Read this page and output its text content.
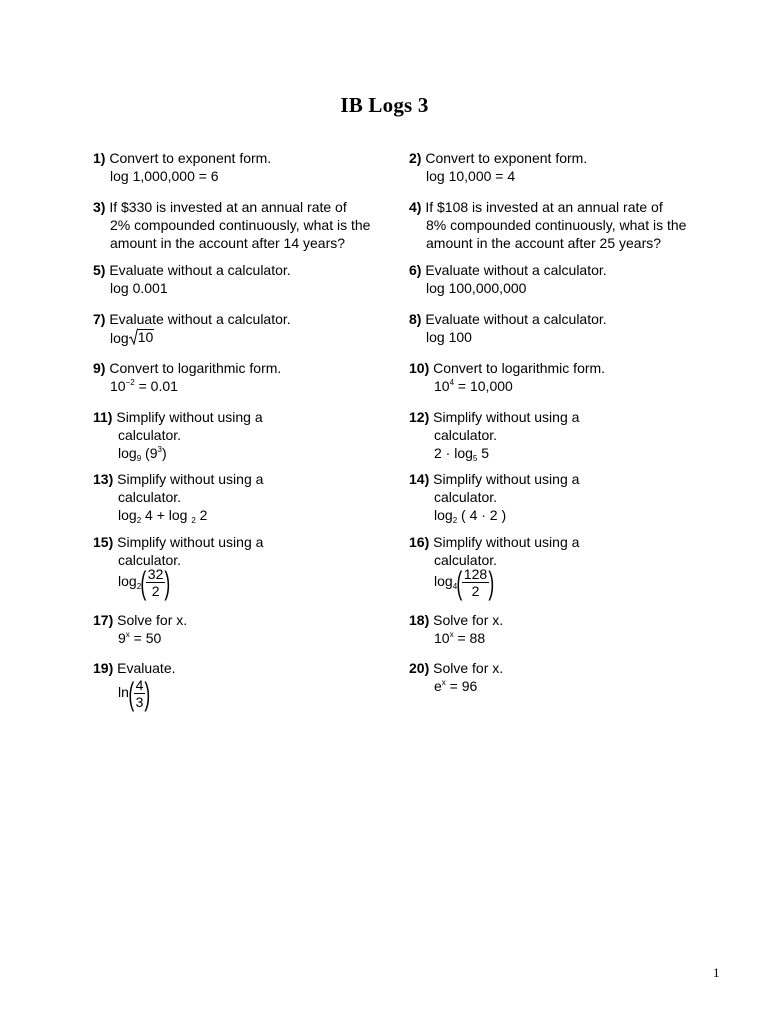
IB Logs 3
1) Convert to exponent form.
log 1,000,000 = 6
2) Convert to exponent form.
log 10,000 = 4
3) If $330 is invested at an annual rate of
2% compounded continuously, what is the
amount in the account after 14 years?
4) If $108 is invested at an annual rate of
8% compounded continuously, what is the
amount in the account after 25 years?
5) Evaluate without a calculator.
log 0.001
6) Evaluate without a calculator.
log 100,000,000
7) Evaluate without a calculator.
log 10
8) Evaluate without a calculator.
log 100
9) Convert to logarithmic form.
$10^{-2} = 0.01$
10) Convert to logarithmic form.
$10^4 = 10,000$
11) Simplify without using a
calculator.
$\log_9 (9^3)$
12) Simplify without using a
calculator.
$2 \cdot \log_5 5$
13) Simplify without using a
calculator.
$\log_2 4 + \log _2$ 2
14) Simplify without using a
calculator.
$\log_2$ ( 4 · 2 )
15) Simplify without using a
calculator.
$\log_2$ ( $\frac{32}{2}$ )
16) Simplify without using a
calculator.
$\log_4$ ( $\frac{128}{2}$ )
17) Solve for x.
$9^x = 50$
18) Solve for x.
$10^x = 88$
19) Evaluate.
ln ( $\frac{4}{3}$ )
20) Solve for x.
$e^x = 96$
1
